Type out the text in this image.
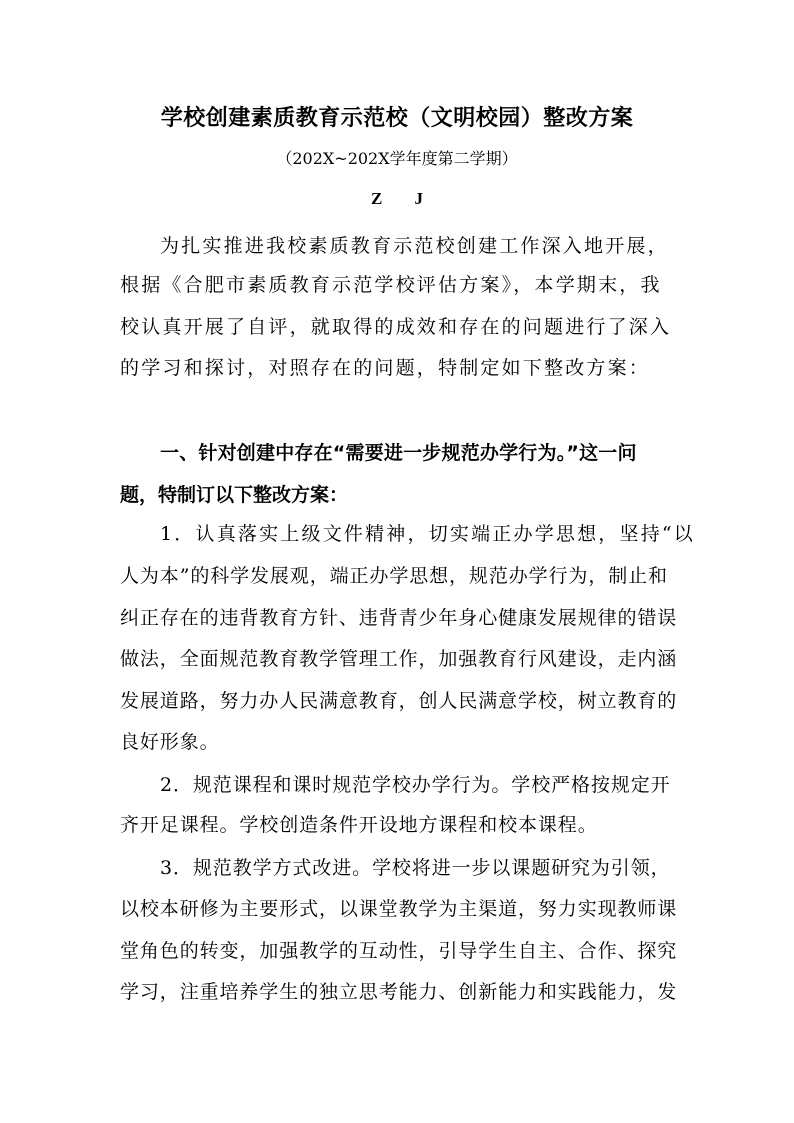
学校创建素质教育示范校（文明校园）整改方案
（202X~202X学年度第二学期）
Z J
为扎实推进我校素质教育示范校创建工作深入地开展，
根据《合肥市素质教育示范学校评估方案》，本学期末，我
校认真开展了自评，就取得的成效和存在的问题进行了深入
的学习和探讨，对照存在的问题，特制定如下整改方案：
一、针对创建中存在“需要进一步规范办学行为。”这一问
题，特制订以下整改方案：
1．认真落实上级文件精神，切实端正办学思想，坚持“以
人为本”的科学发展观，端正办学思想，规范办学行为，制止和
纠正存在的违背教育方针、违背青少年身心健康发展规律的错误
做法，全面规范教育教学管理工作，加强教育行风建设，走内涵
发展道路，努力办人民满意教育，创人民满意学校，树立教育的
良好形象。
2．规范课程和课时规范学校办学行为。学校严格按规定开
齐开足课程。学校创造条件开设地方课程和校本课程。
3．规范教学方式改进。学校将进一步以课题研究为引领，
以校本研修为主要形式，以课堂教学为主渠道，努力实现教师课
堂角色的转变，加强教学的互动性，引导学生自主、合作、探究
学习，注重培养学生的独立思考能力、创新能力和实践能力，发
